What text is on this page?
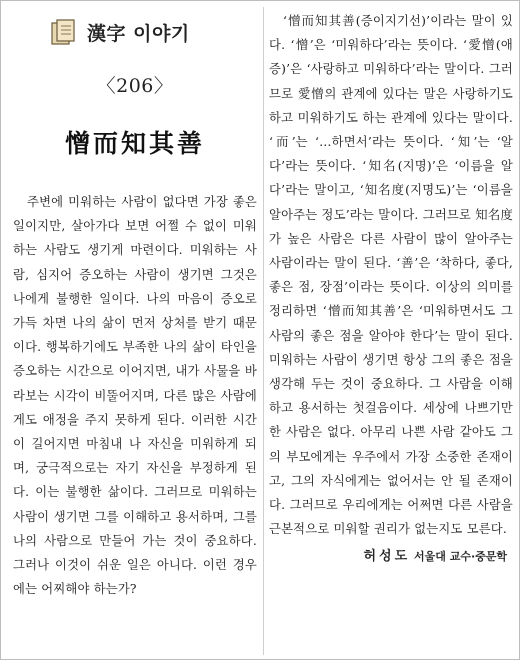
漢字 이야기
〈206〉
憎而知其善

주변에 미워하는 사람이 없다면 가장 좋은 일이지만, 살아가다 보면 어쩔 수 없이 미워하는 사람도 생기게 마련이다. 미워하는 사람, 심지어 증오하는 사람이 생기면 그것은 나에게 불행한 일이다. 나의 마음이 증오로 가득 차면 나의 삶이 먼저 상처를 받기 때문이다. 행복하기에도 부족한 나의 삶이 타인을 증오하는 시간으로 이어지면, 내가 사물을 바라보는 시각이 비뚤어지며, 다른 많은 사람에게도 애정을 주지 못하게 된다. 이러한 시간이 길어지면 마침내 나 자신을 미워하게 되며, 궁극적으로는 자기 자신을 부정하게 된다. 이는 불행한 삶이다. 그러므로 미워하는 사람이 생기면 그를 이해하고 용서하며, 그를 나의 사람으로 만들어 가는 것이 중요하다. 그러나 이것이 쉬운 일은 아니다. 이런 경우에는 어찌해야 하는가?

‘憎而知其善(증이지기선)’이라는 말이 있다. ‘憎’은 ‘미워하다’라는 뜻이다. ‘愛憎(애증)’은 ‘사랑하고 미워하다’라는 말이다. 그러므로 愛憎의 관계에 있다는 말은 사랑하기도 하고 미워하기도 하는 관계에 있다는 말이다. ‘而’는 ‘…하면서’라는 뜻이다. ‘知’는 ‘알다’라는 뜻이다. ‘知名(지명)’은 ‘이름을 알다’라는 말이고, ‘知名度(지명도)’는 ‘이름을 알아주는 정도’라는 말이다. 그러므로 知名度가 높은 사람은 다른 사람이 많이 알아주는 사람이라는 말이 된다. ‘善’은 ‘착하다, 좋다, 좋은 점, 장점’이라는 뜻이다. 이상의 의미를 정리하면 ‘憎而知其善’은 ‘미워하면서도 그 사람의 좋은 점을 알아야 한다’는 말이 된다. 미워하는 사람이 생기면 항상 그의 좋은 점을 생각해 두는 것이 중요하다. 그 사람을 이해하고 용서하는 첫걸음이다. 세상에 나쁘기만 한 사람은 없다. 아무리 나쁜 사람 같아도 그의 부모에게는 우주에서 가장 소중한 존재이고, 그의 자식에게는 없어서는 안 될 존재이다. 그러므로 우리에게는 어쩌면 다른 사람을 근본적으로 미워할 권리가 없는지도 모른다.

허성도 서울대 교수·중문학
